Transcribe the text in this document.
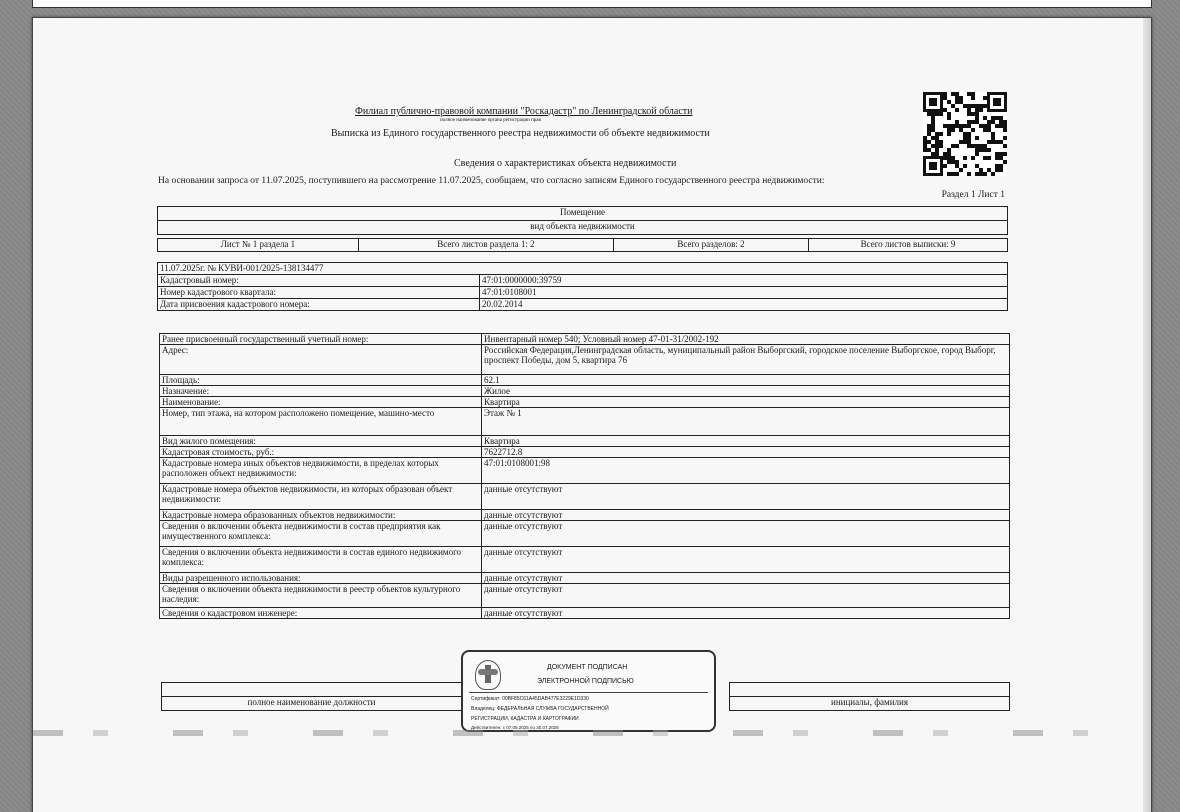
Филиал публично-правовой компании "Роскадастр" по Ленинградской области
полное наименование органа регистрации прав
Выписка из Единого государственного реестра недвижимости об объекте недвижимости
Сведения о характеристиках объекта недвижимости
На основании запроса от 11.07.2025, поступившего на рассмотрение 11.07.2025, сообщаем, что согласно записям Единого государственного реестра недвижимости:
Раздел 1 Лист 1
Помещение
вид объекта недвижимости
Лист № 1 раздела 1	Всего листов раздела 1: 2	Всего разделов: 2	Всего листов выписки: 9
11.07.2025г. № КУВИ-001/2025-138134477	
Кадастровый номер:	47:01:0000000:39759
Номер кадастрового квартала:	47:01:0108001
Дата присвоения кадастрового номера:	20.02.2014
Ранее присвоенный государственный учетный номер:	Инвентарный номер 540; Условный номер 47-01-31/2002-192
Адрес:	Российская Федерация,Ленинградская область, муниципальный район Выборгский, городское поселение Выборгское, город Выборг, проспект Победы, дом 5, квартира 76
Площадь:	62.1
Назначение:	Жилое
Наименование:	Квартира
Номер, тип этажа, на котором расположено помещение, машино-место	Этаж № 1
Вид жилого помещения:	Квартира
Кадастровая стоимость, руб.:	7622712.8
Кадастровые номера иных объектов недвижимости, в пределах которых расположен объект недвижимости:	47:01:0108001:98
Кадастровые номера объектов недвижимости, из которых образован объект недвижимости:	данные отсутствуют
Кадастровые номера образованных объектов недвижимости:	данные отсутствуют
Сведения о включении объекта недвижимости в состав предприятия как имущественного комплекса:	данные отсутствуют
Сведения о включении объекта недвижимости в состав единого недвижимого комплекса:	данные отсутствуют
Виды разрешенного использования:	данные отсутствуют
Сведения о включении объекта недвижимости в реестр объектов культурного наследия:	данные отсутствуют
Сведения о кадастровом инженере:	данные отсутствуют

полное наименование должности		инициалы, фамилия
ДОКУМЕНТ ПОДПИСАН
ЭЛЕКТРОННОЙ ПОДПИСЬЮ
Сертификат: 00BF85C61A45DAB477E3229E1D330
Владелец: ФЕДЕРАЛЬНАЯ СЛУЖБА ГОСУДАРСТВЕННОЙ
РЕГИСТРАЦИИ, КАДАСТРА И КАРТОГРАФИИ
Действителен: с 07.05.2025 по 30.07.2026
